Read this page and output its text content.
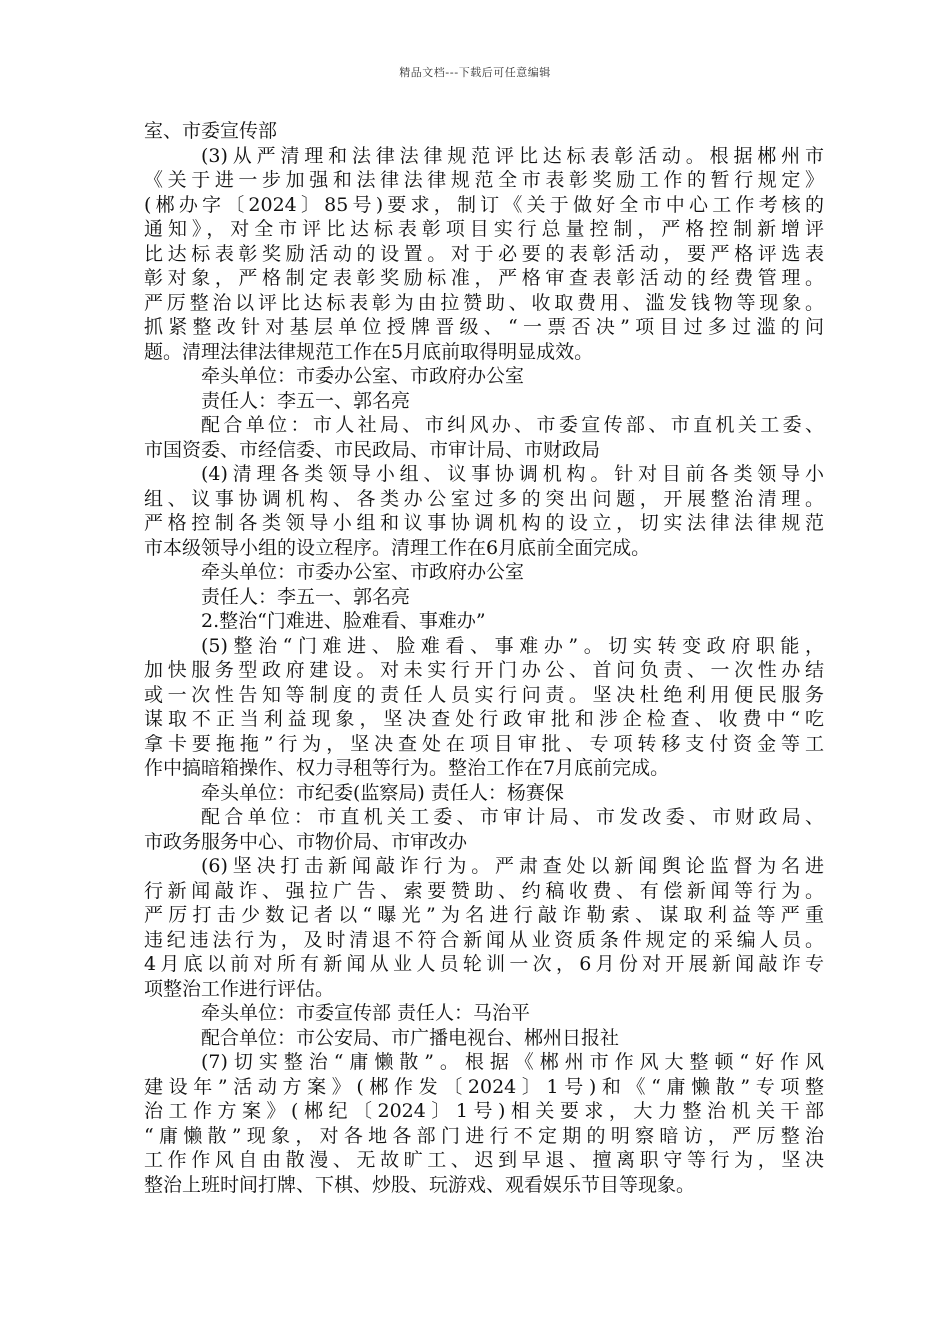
精品文档---下载后可任意编辑
室、市委宣传部
(3)从严清理和法律法律规范评比达标表彰活动。根据郴州市
《关于进一步加强和法律法律规范全市表彰奖励工作的暂行规定》
(郴办字〔2024〕85号)要求，制订《关于做好全市中心工作考核的
通知》，对全市评比达标表彰项目实行总量控制，严格控制新增评
比达标表彰奖励活动的设置。对于必要的表彰活动，要严格评选表
彰对象，严格制定表彰奖励标准，严格审查表彰活动的经费管理。
严厉整治以评比达标表彰为由拉赞助、收取费用、滥发钱物等现象。
抓紧整改针对基层单位授牌晋级、“一票否决”项目过多过滥的问
题。清理法律法律规范工作在5月底前取得明显成效。
牵头单位：市委办公室、市政府办公室
责任人：李五一、郭名亮
配合单位：市人社局、市纠风办、市委宣传部、市直机关工委、
市国资委、市经信委、市民政局、市审计局、市财政局
(4)清理各类领导小组、议事协调机构。针对目前各类领导小
组、议事协调机构、各类办公室过多的突出问题，开展整治清理。
严格控制各类领导小组和议事协调机构的设立，切实法律法律规范
市本级领导小组的设立程序。清理工作在6月底前全面完成。
牵头单位：市委办公室、市政府办公室
责任人：李五一、郭名亮
2.整治“门难进、脸难看、事难办”
(5)整治“门难进、脸难看、事难办”。切实转变政府职能，
加快服务型政府建设。对未实行开门办公、首问负责、一次性办结
或一次性告知等制度的责任人员实行问责。坚决杜绝利用便民服务
谋取不正当利益现象，坚决查处行政审批和涉企检查、收费中“吃
拿卡要拖拖”行为，坚决查处在项目审批、专项转移支付资金等工
作中搞暗箱操作、权力寻租等行为。整治工作在7月底前完成。
牵头单位：市纪委(监察局) 责任人：杨赛保
配合单位：市直机关工委、市审计局、市发改委、市财政局、
市政务服务中心、市物价局、市审改办
(6)坚决打击新闻敲诈行为。严肃查处以新闻舆论监督为名进
行新闻敲诈、强拉广告、索要赞助、约稿收费、有偿新闻等行为。
严厉打击少数记者以“曝光”为名进行敲诈勒索、谋取利益等严重
违纪违法行为，及时清退不符合新闻从业资质条件规定的采编人员。
4月底以前对所有新闻从业人员轮训一次，6月份对开展新闻敲诈专
项整治工作进行评估。
牵头单位：市委宣传部 责任人：马治平
配合单位：市公安局、市广播电视台、郴州日报社
(7)切实整治“庸懒散”。根据《郴州市作风大整顿“好作风
建设年”活动方案》(郴作发〔2024〕1号)和《“庸懒散”专项整
治工作方案》(郴纪〔2024〕1号)相关要求，大力整治机关干部
“庸懒散”现象，对各地各部门进行不定期的明察暗访，严厉整治
工作作风自由散漫、无故旷工、迟到早退、擅离职守等行为，坚决
整治上班时间打牌、下棋、炒股、玩游戏、观看娱乐节目等现象。
